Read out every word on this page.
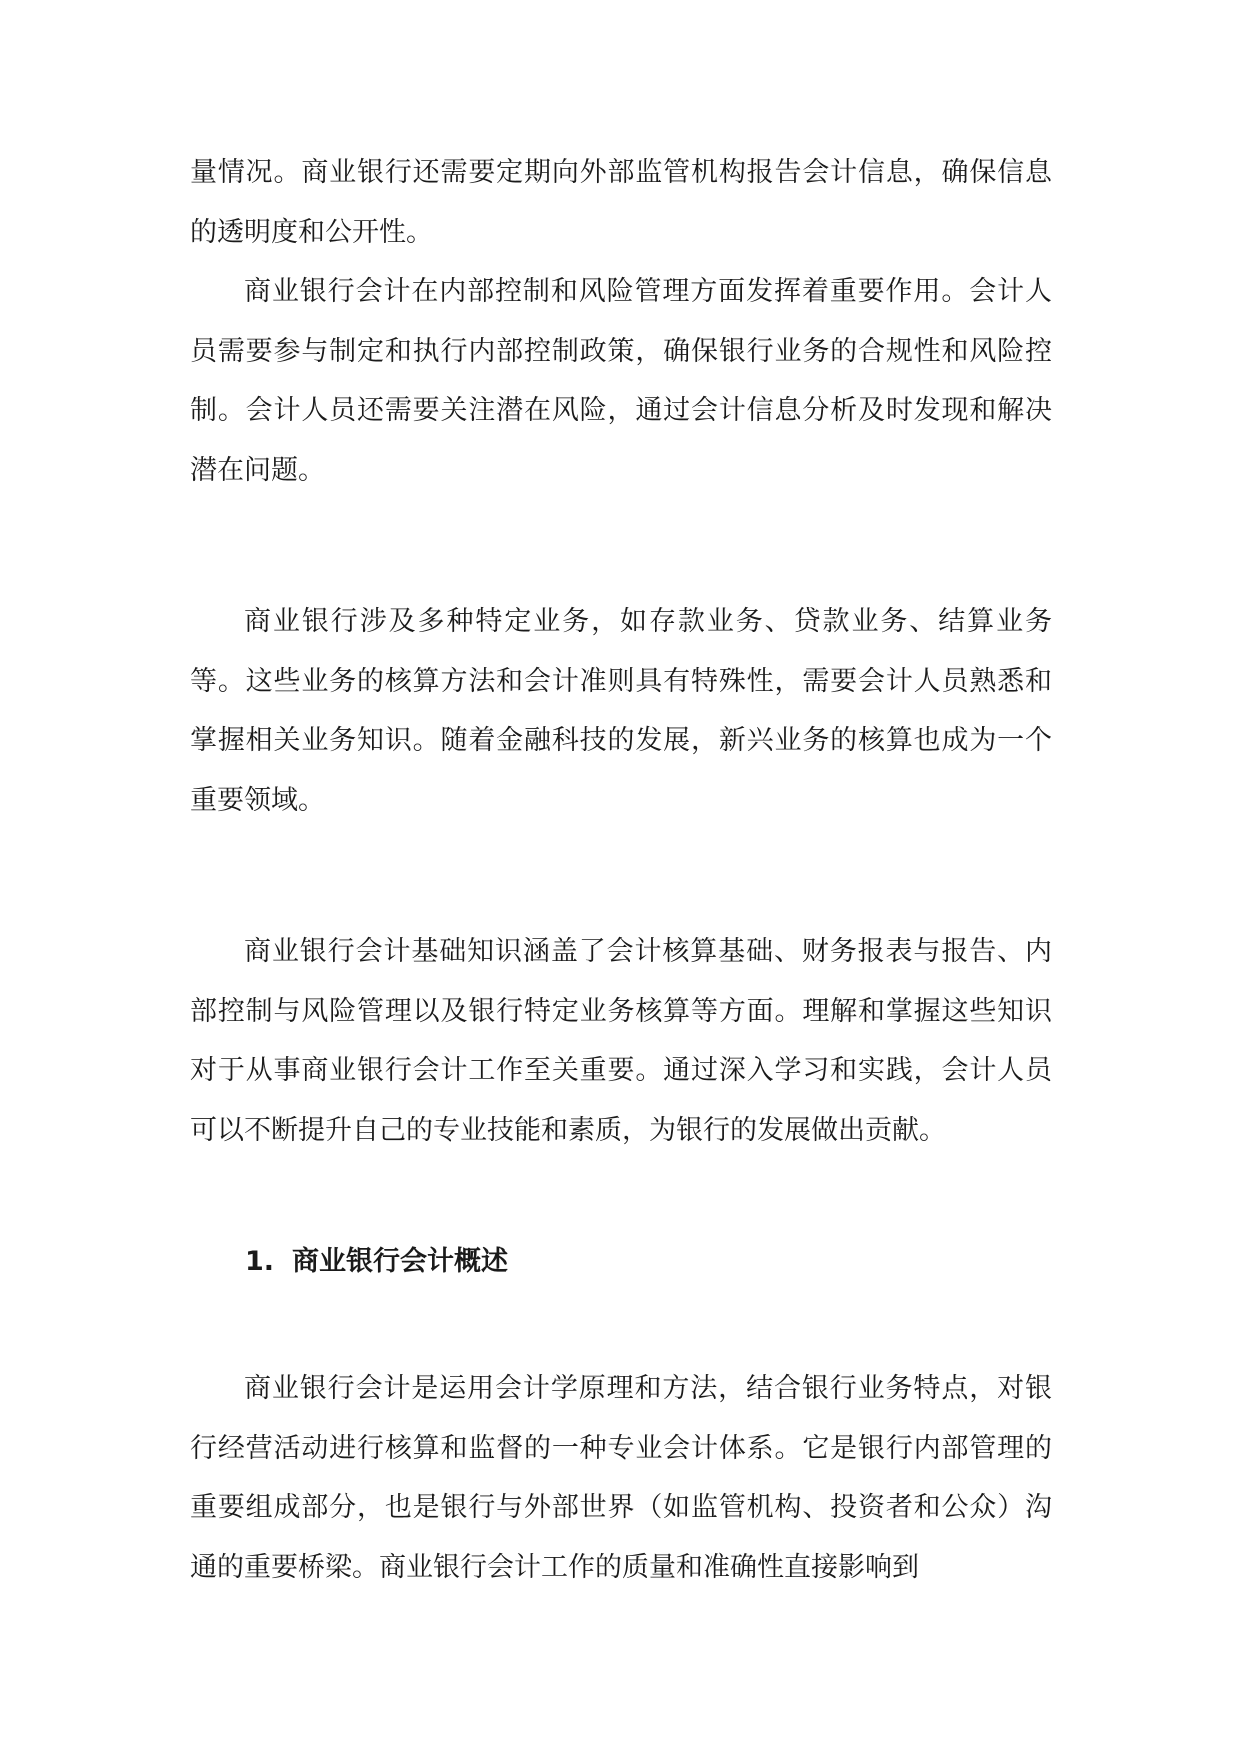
量情况。商业银行还需要定期向外部监管机构报告会计信息，确保信息的透明度和公开性。

商业银行会计在内部控制和风险管理方面发挥着重要作用。会计人员需要参与制定和执行内部控制政策，确保银行业务的合规性和风险控制。会计人员还需要关注潜在风险，通过会计信息分析及时发现和解决潜在问题。

商业银行涉及多种特定业务，如存款业务、贷款业务、结算业务等。这些业务的核算方法和会计准则具有特殊性，需要会计人员熟悉和掌握相关业务知识。随着金融科技的发展，新兴业务的核算也成为一个重要领域。

商业银行会计基础知识涵盖了会计核算基础、财务报表与报告、内部控制与风险管理以及银行特定业务核算等方面。理解和掌握这些知识对于从事商业银行会计工作至关重要。通过深入学习和实践，会计人员可以不断提升自己的专业技能和素质，为银行的发展做出贡献。

1. 商业银行会计概述

商业银行会计是运用会计学原理和方法，结合银行业务特点，对银行经营活动进行核算和监督的一种专业会计体系。它是银行内部管理的重要组成部分，也是银行与外部世界（如监管机构、投资者和公众）沟通的重要桥梁。商业银行会计工作的质量和准确性直接影响到
